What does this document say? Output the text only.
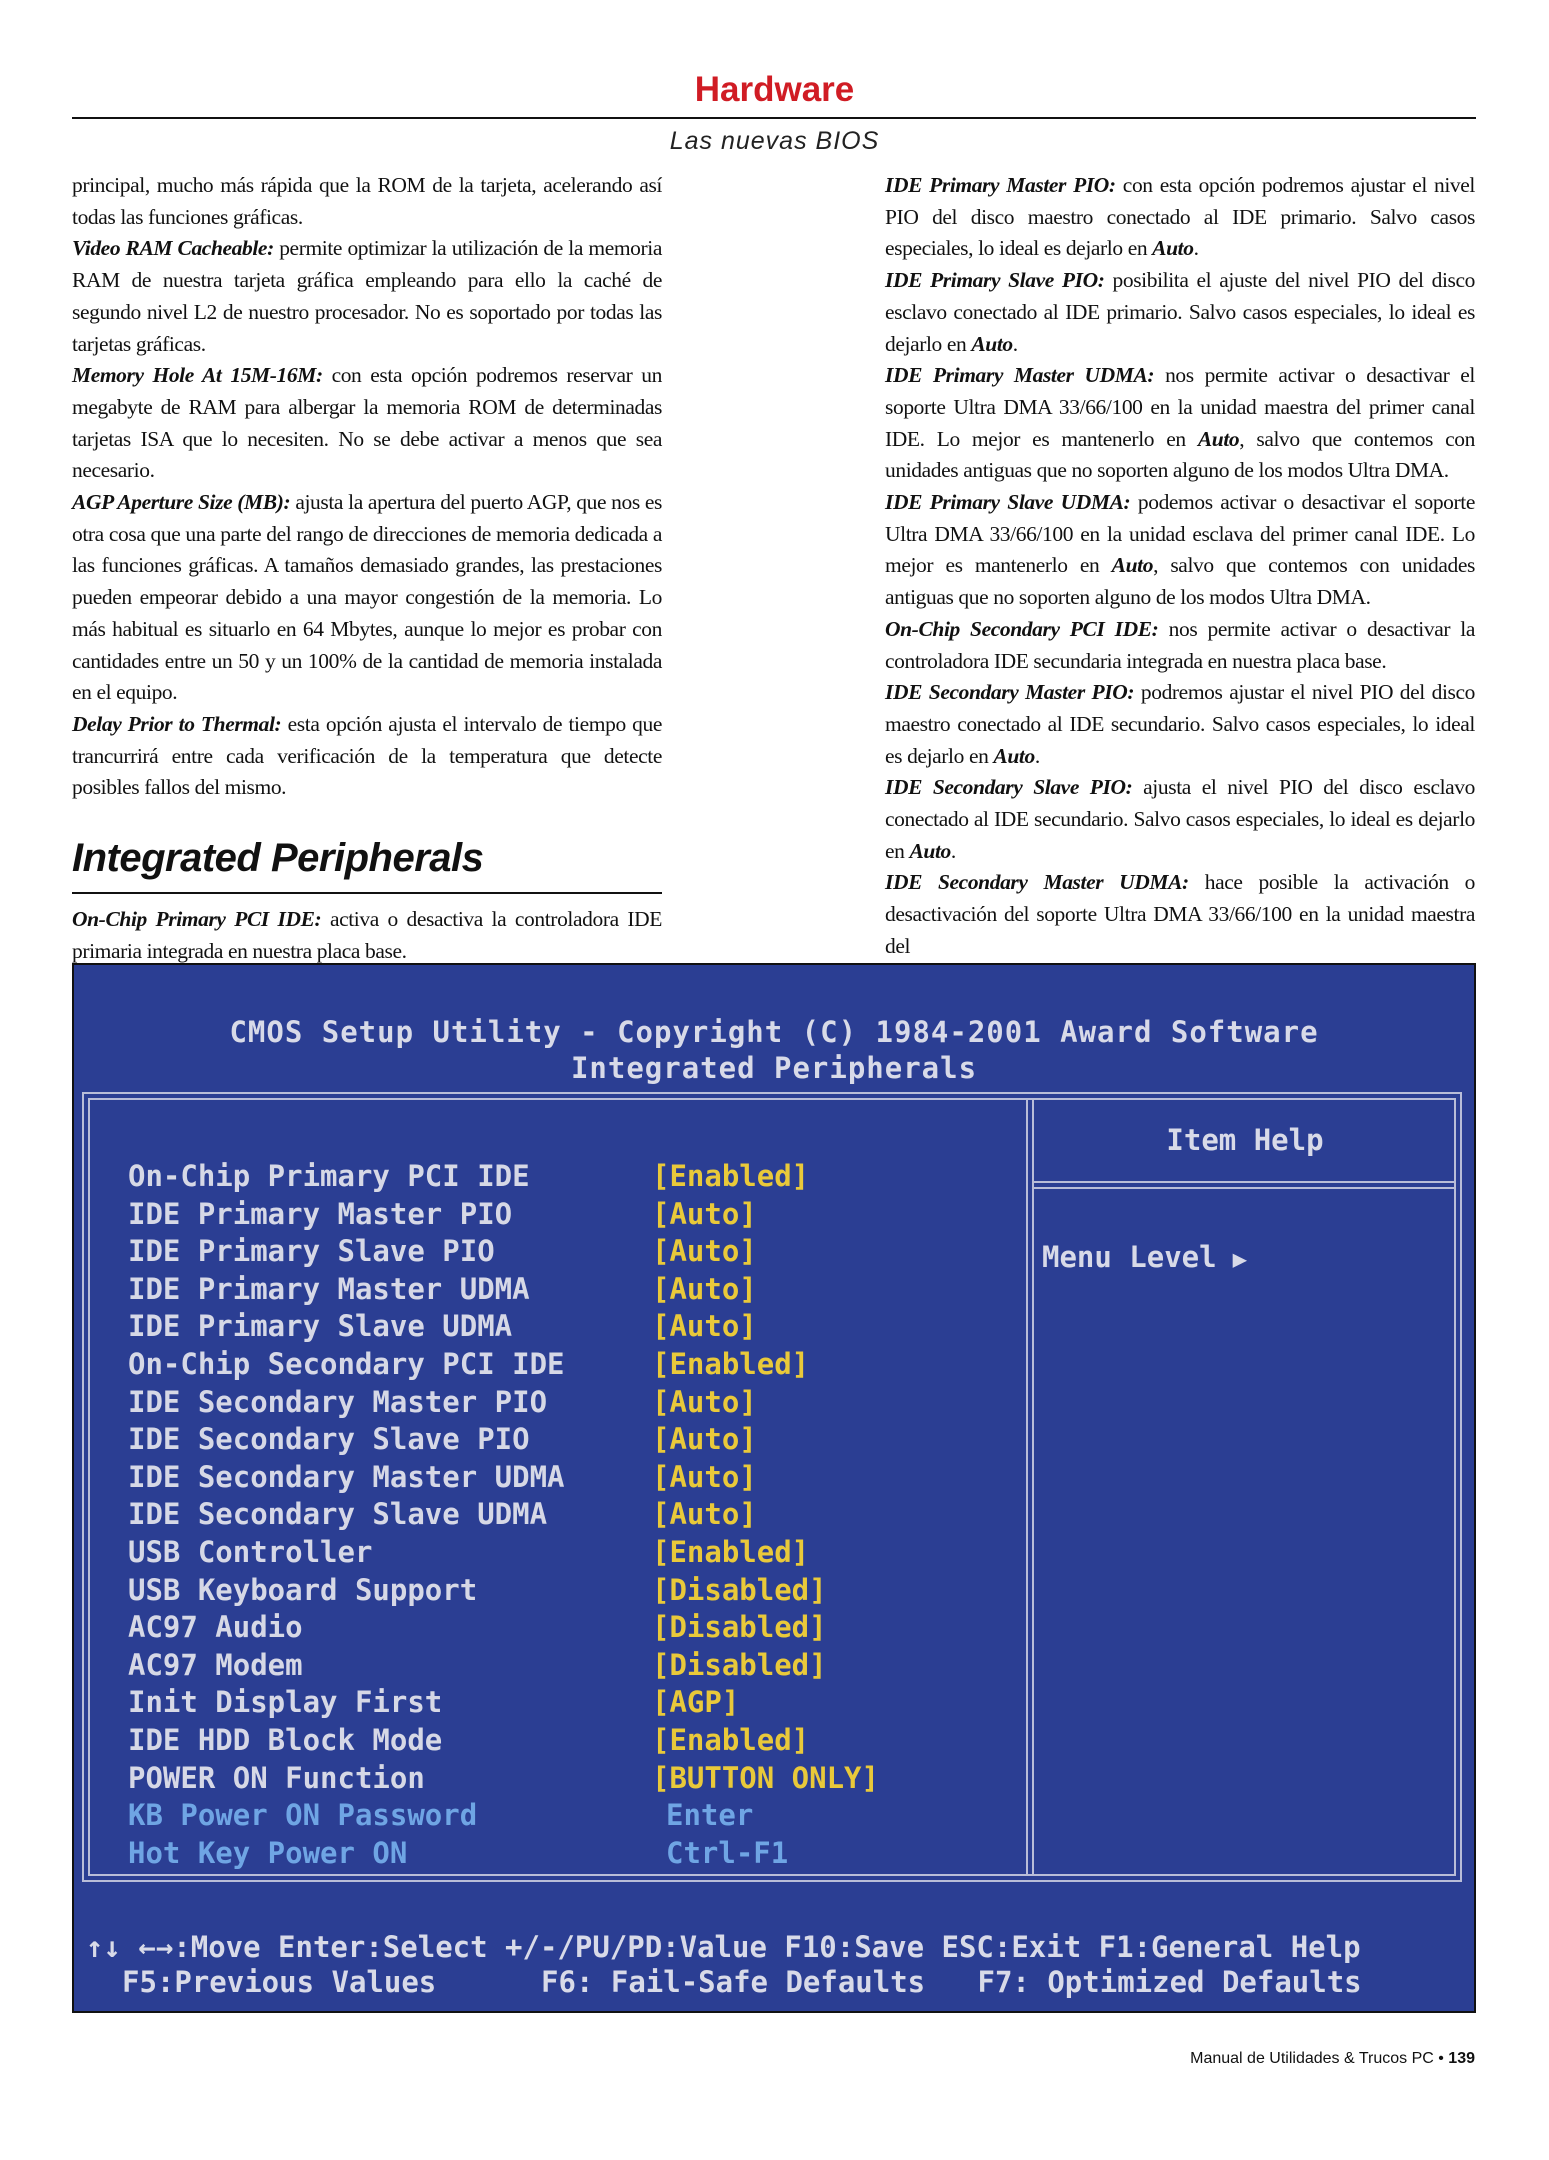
Hardware
Las nuevas BIOS

principal, mucho más rápida que la ROM de la tarjeta, acelerando así todas las funciones gráficas.

Video RAM Cacheable: permite optimizar la utilización de la memoria RAM de nuestra tarjeta gráfica empleando para ello la caché de segundo nivel L2 de nuestro procesador. No es soportado por todas las tarjetas gráficas.

Memory Hole At 15M-16M: con esta opción podremos reservar un megabyte de RAM para albergar la memoria ROM de determinadas tarjetas ISA que lo necesiten. No se debe activar a menos que sea necesario.

AGP Aperture Size (MB): ajusta la apertura del puerto AGP, que nos es otra cosa que una parte del rango de direcciones de memoria dedicada a las funciones gráficas. A tamaños demasiado grandes, las prestaciones pueden empeorar debido a una mayor congestión de la memoria. Lo más habitual es situarlo en 64 Mbytes, aunque lo mejor es probar con cantidades entre un 50 y un 100% de la cantidad de memoria instalada en el equipo.

Delay Prior to Thermal: esta opción ajusta el intervalo de tiempo que trancurrirá entre cada verificación de la temperatura que detecte posibles fallos del mismo.

Integrated Peripherals

On-Chip Primary PCI IDE: activa o desactiva la controladora IDE primaria integrada en nuestra placa base.

IDE Primary Master PIO: con esta opción podremos ajustar el nivel PIO del disco maestro conectado al IDE primario. Salvo casos especiales, lo ideal es dejarlo en Auto.

IDE Primary Slave PIO: posibilita el ajuste del nivel PIO del disco esclavo conectado al IDE primario. Salvo casos especiales, lo ideal es dejarlo en Auto.

IDE Primary Master UDMA: nos permite activar o desactivar el soporte Ultra DMA 33/66/100 en la unidad maestra del primer canal IDE. Lo mejor es mantenerlo en Auto, salvo que contemos con unidades antiguas que no soporten alguno de los modos Ultra DMA.

IDE Primary Slave UDMA: podemos activar o desactivar el soporte Ultra DMA 33/66/100 en la unidad esclava del primer canal IDE. Lo mejor es mantenerlo en Auto, salvo que contemos con unidades antiguas que no soporten alguno de los modos Ultra DMA.

On-Chip Secondary PCI IDE: nos permite activar o desactivar la controladora IDE secundaria integrada en nuestra placa base.

IDE Secondary Master PIO: podremos ajustar el nivel PIO del disco maestro conectado al IDE secundario. Salvo casos especiales, lo ideal es dejarlo en Auto.

IDE Secondary Slave PIO: ajusta el nivel PIO del disco esclavo conectado al IDE secundario. Salvo casos especiales, lo ideal es dejarlo en Auto.

IDE Secondary Master UDMA: hace posible la activación o desactivación del soporte Ultra DMA 33/66/100 en la unidad maestra del

CMOS Setup Utility - Copyright (C) 1984-2001 Award Software
Integrated Peripherals
Item Help
Menu Level ▶
On-Chip Primary PCI IDE	[Enabled]
IDE Primary Master PIO	[Auto]
IDE Primary Slave PIO	[Auto]
IDE Primary Master UDMA	[Auto]
IDE Primary Slave UDMA	[Auto]
On-Chip Secondary PCI IDE	[Enabled]
IDE Secondary Master PIO	[Auto]
IDE Secondary Slave PIO	[Auto]
IDE Secondary Master UDMA	[Auto]
IDE Secondary Slave UDMA	[Auto]
USB Controller	[Enabled]
USB Keyboard Support	[Disabled]
AC97 Audio	[Disabled]
AC97 Modem	[Disabled]
Init Display First	[AGP]
IDE HDD Block Mode	[Enabled]
POWER ON Function	[BUTTON ONLY]
KB Power ON Password	Enter
Hot Key Power ON	Ctrl-F1
↑↓ ←→:Move Enter:Select +/-/PU/PD:Value F10:Save ESC:Exit F1:General Help
F5:Previous Values      F6: Fail-Safe Defaults   F7: Optimized Defaults
Manual de Utilidades & Trucos PC • 139
